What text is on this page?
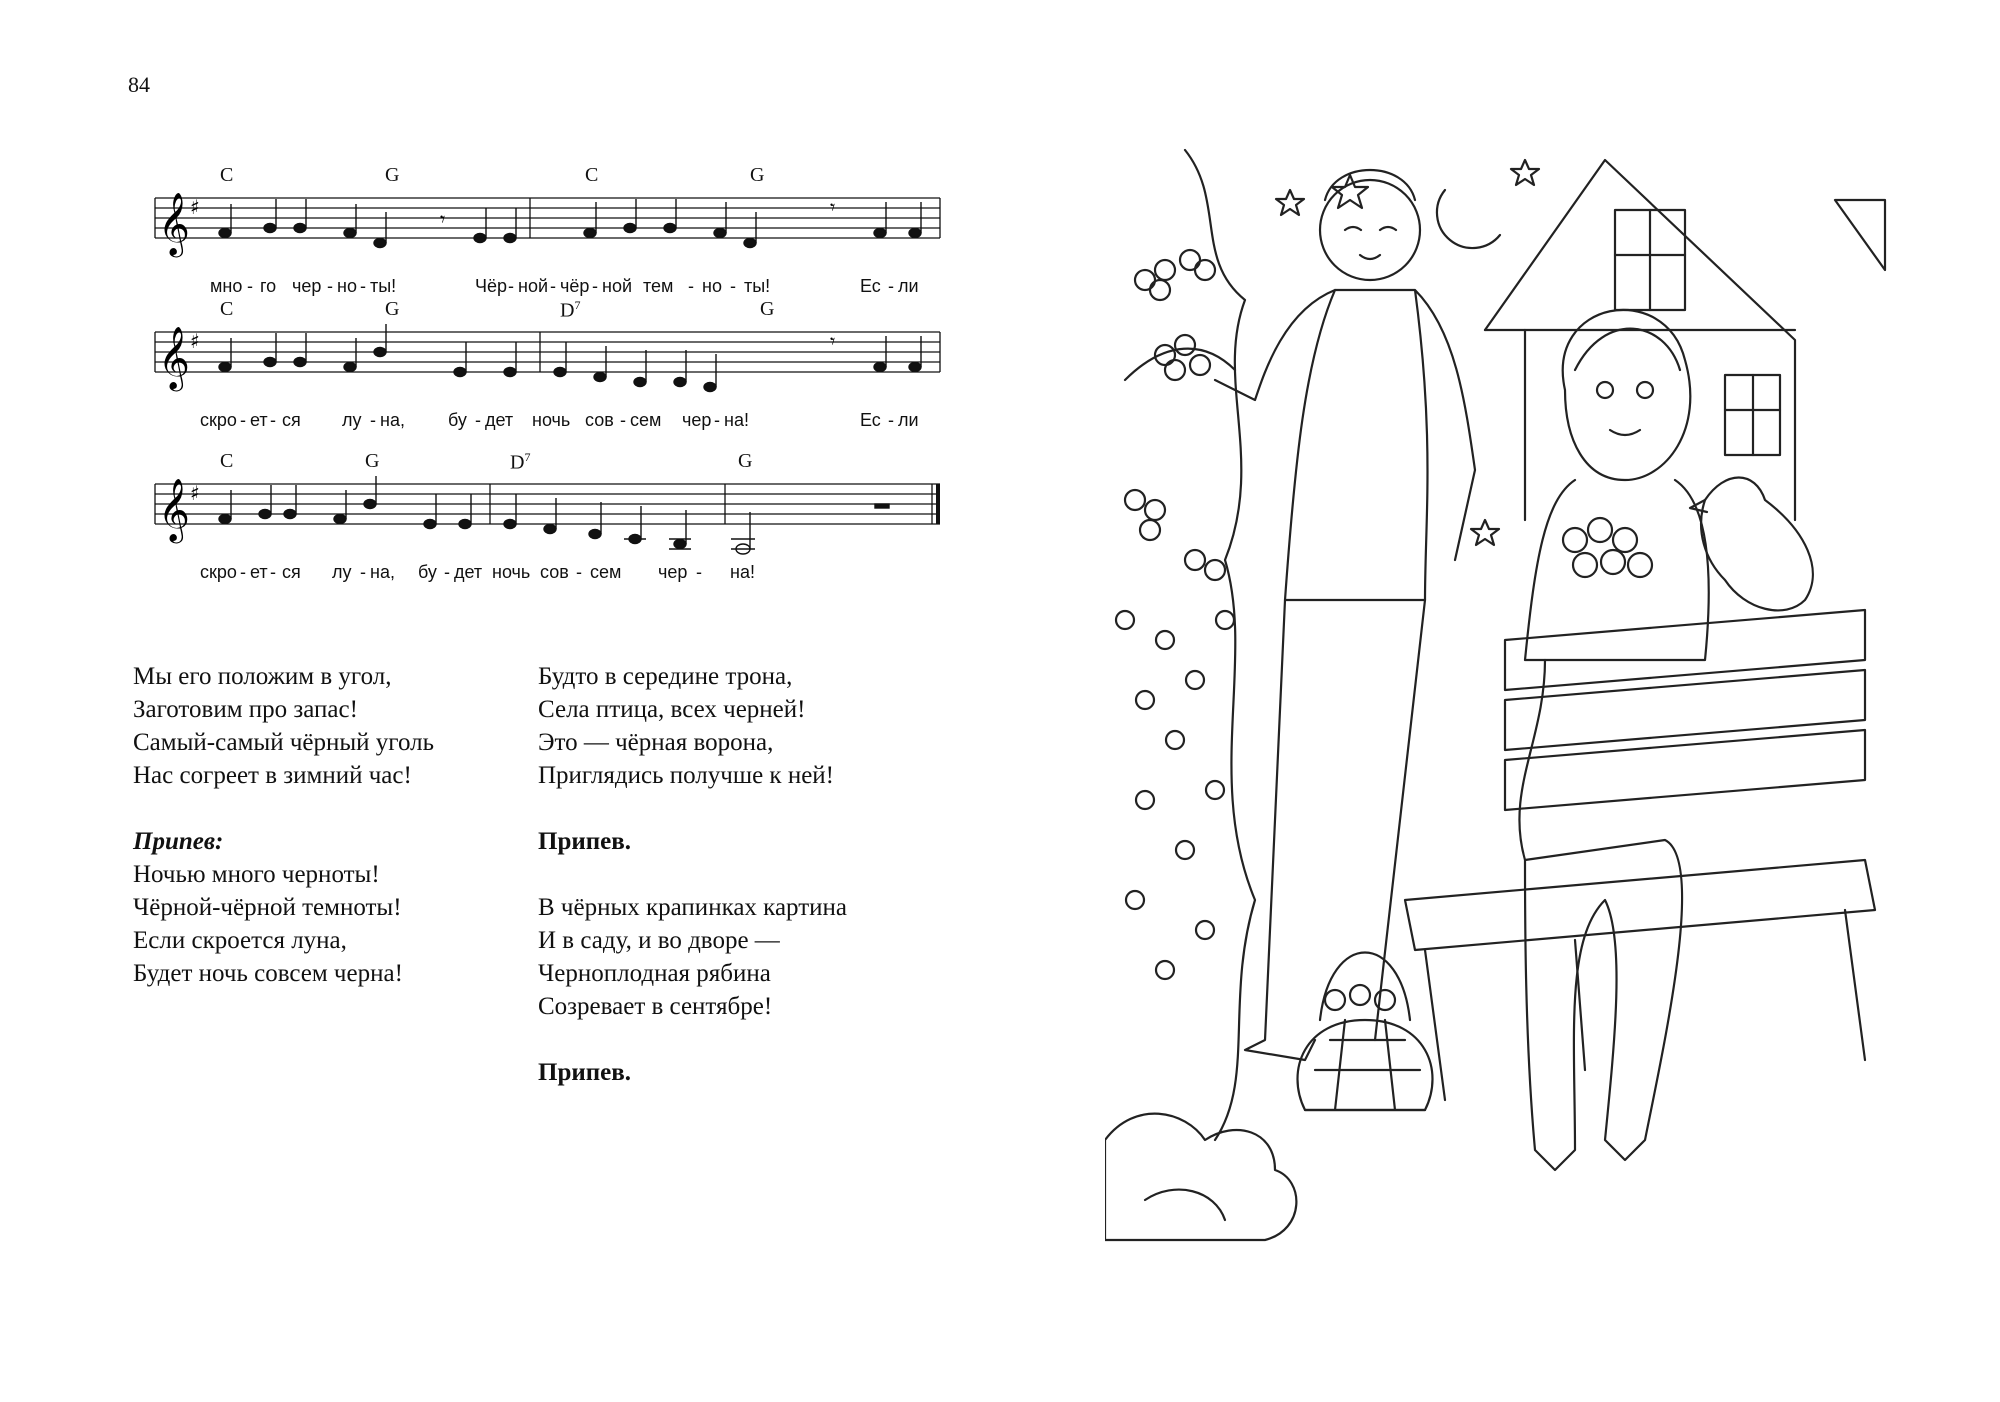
84
𝄞 ♯
𝄾
𝄾
C	G	C	G
мно - го чер - но - ты!	Чёр - ной - чёр - ной тем - но - ты!	Ес - ли
𝄞 ♯	𝄾
C	G	$D^7$	G
скро - ет - ся лу - на, бу - дет ночь сов - сем чер - на!	Ес - ли
𝄞 ♯
C	G	$D^7$	G
скро - ет - ся лу - на, бу - дет ночь сов - сем чер - на!
Мы его положим в угол,
Заготовим про запас!
Самый-самый чёрный уголь
Нас согреет в зимний час!
Припев:
Ночью много черноты!
Чёрной-чёрной темноты!
Если скроется луна,
Будет ночь совсем черна!
Будто в середине трона,
Села птица, всех черней!
Это — чёрная ворона,
Приглядись получше к ней!
Припев.
В чёрных крапинках картина
И в саду, и во дворе —
Черноплодная рябина
Созревает в сентябре!
Припев.
